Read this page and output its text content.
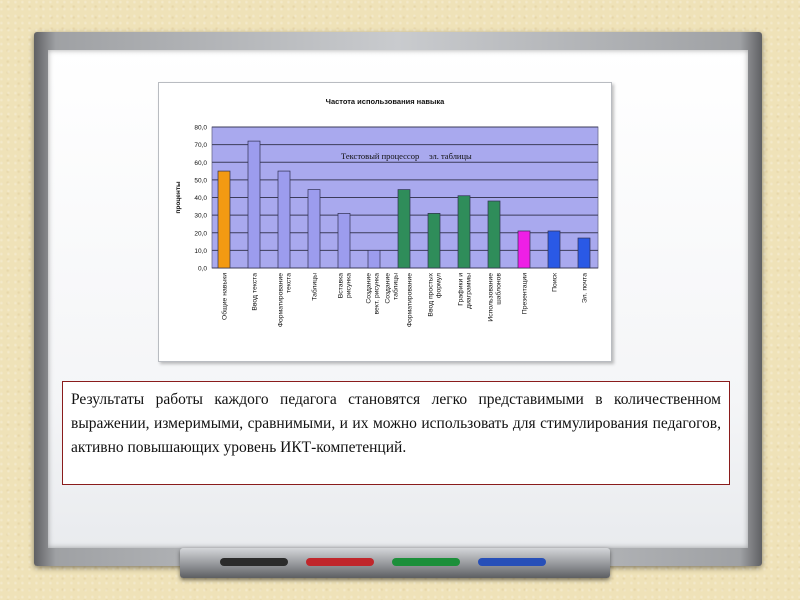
Частота использования навыка
проценты
0,0
10,0
20,0
30,0
40,0
50,0
60,0
70,0
80,0
Общие навыки	Ввод текста	Форматированиетекста	Таблицы	Вставкарисунка Созданиевект. рисунка Созданиетаблицы Форматирование Ввод простыхформул Графики идиаграммы Использованиешаблонов	Презентации	Поиск	Эл. почта
Текстовый процессор эл. таблицы
Результаты работы каждого педагога становятся легко представимыми в количественном выражении, измеримыми, сравнимыми, и их можно использовать для стимулирования педагогов, активно повышающих уровень ИКТ-компетенций.
